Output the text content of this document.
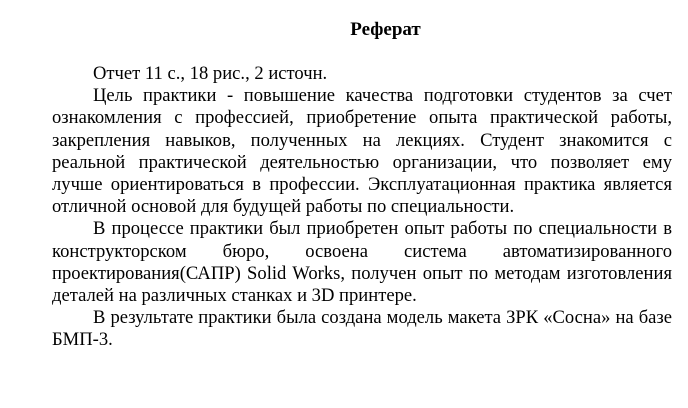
Реферат

Отчет 11 с., 18 рис., 2 источн.

Цель практики - повышение качества подготовки студентов за счет ознакомления с профессией, приобретение опыта практической работы, закрепления навыков, полученных на лекциях. Студент знакомится с реальной практической деятельностью организации, что позволяет ему лучше ориентироваться в профессии. Эксплуатационная практика является отличной основой для будущей работы по специальности.

В процессе практики был приобретен опыт работы по специальности в конструкторском бюро, освоена система автоматизированного проектирования(САПР) Solid Works, получен опыт по методам изготовления деталей на различных станках и 3D принтере.

В результате практики была создана модель макета ЗРК «Сосна» на базе БМП-3.
